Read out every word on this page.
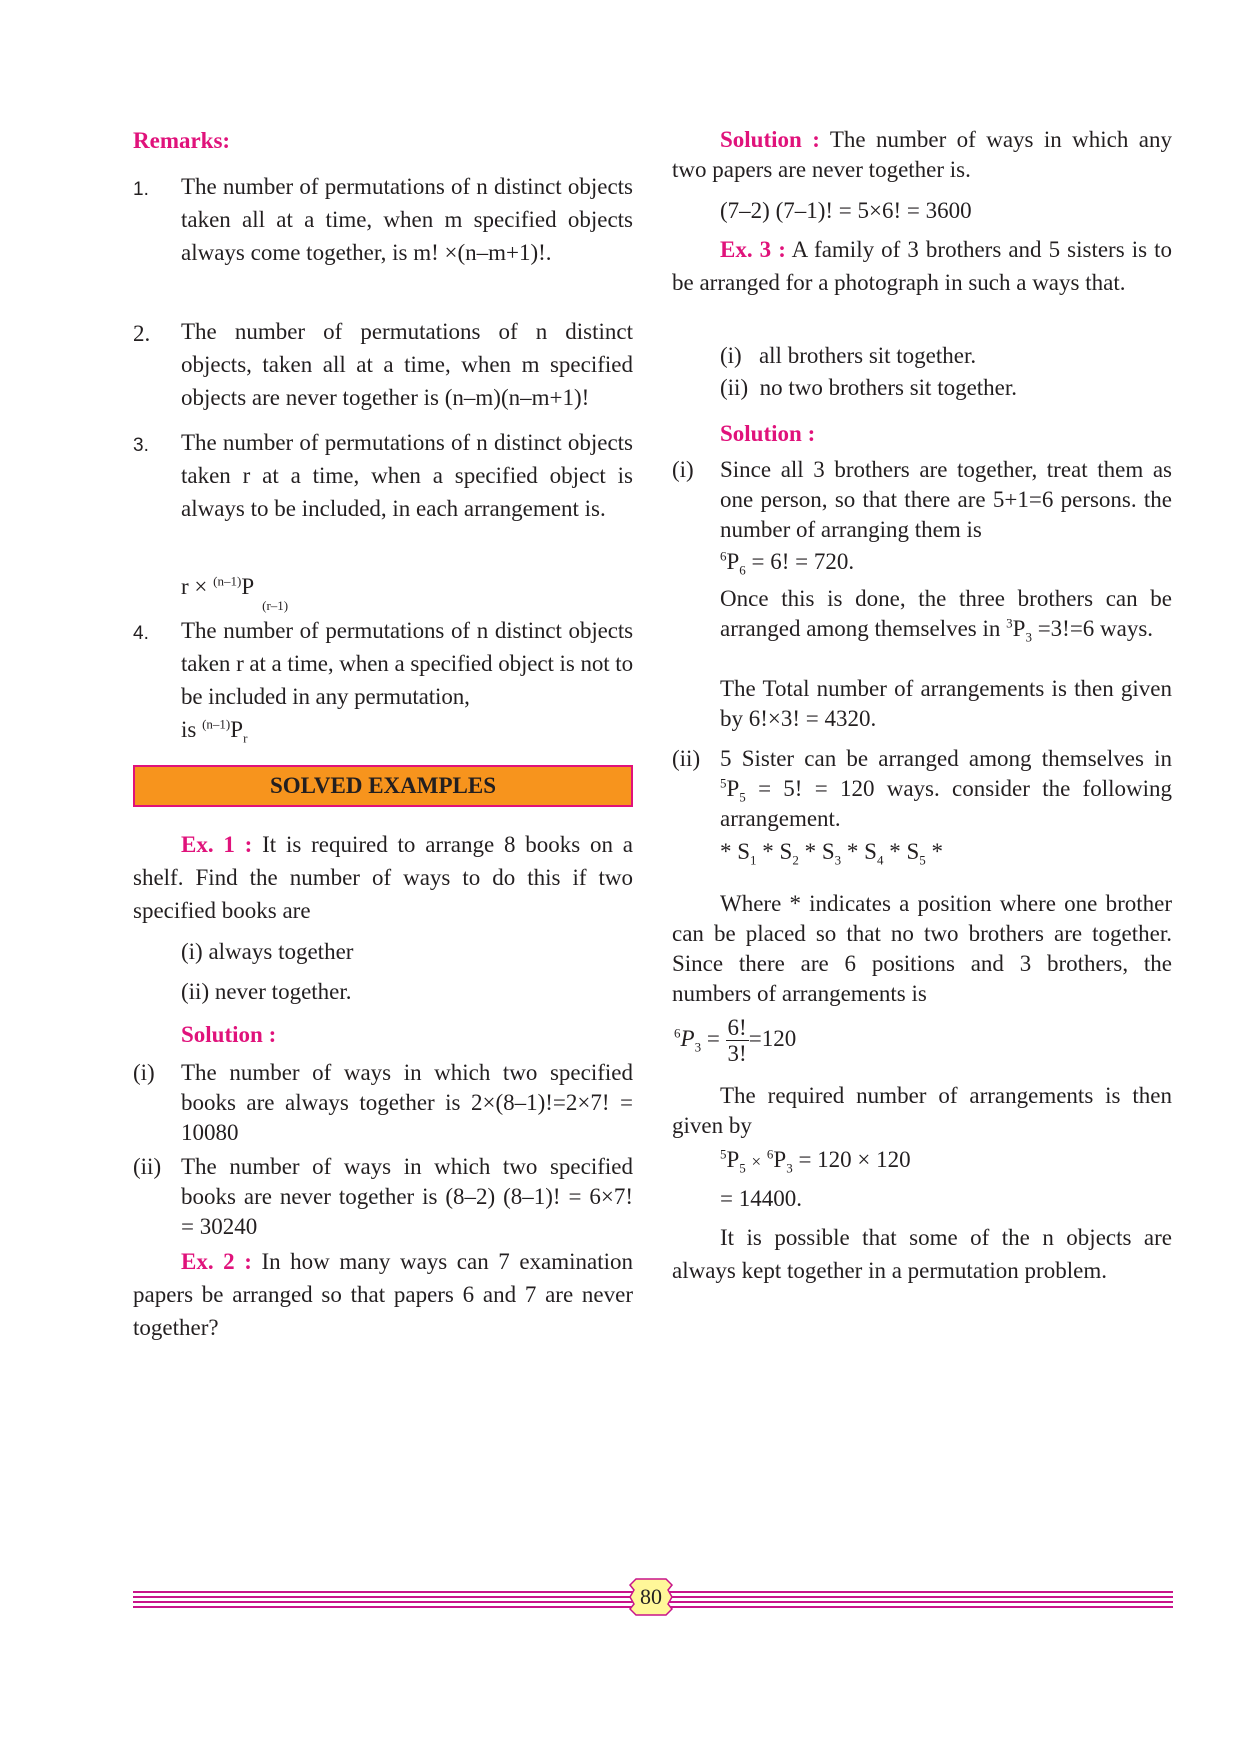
Remarks:
1.	The number of permutations of n distinct objects taken all at a time, when m specified objects always come together, is m! ×(n–m+1)!.
2.	The number of permutations of n distinct objects, taken all at a time, when m specified objects are never together is (n–m)(n–m+1)!
3.	The number of permutations of n distinct objects taken r at a time, when a specified object is always to be included, in each arrangement is.
$r \times ^{(n-1)}P_{(r-1)}$
4.	The number of permutations of n distinct objects taken r at a time, when a specified object is not to be included in any permutation,
is $^{(n-1)}P_r$
SOLVED EXAMPLES
Ex. 1 : It is required to arrange 8 books on a shelf. Find the number of ways to do this if two specified books are
(i) always together
(ii) never together.
Solution :
(i)	The number of ways in which two specified books are always together is 2×(8–1)!=2×7! = 10080
(ii) The number of ways in which two specified books are never together is (8–2) (8–1)! = 6×7! = 30240
Ex. 2 : In how many ways can 7 examination papers be arranged so that papers 6 and 7 are never together?
Solution : The number of ways in which any two papers are never together is.
(7–2) (7–1)! = 5×6! = 3600
Ex. 3 : A family of 3 brothers and 5 sisters is to be arranged for a photograph in such a ways that.
(i)   all brothers sit together.
(ii)  no two brothers sit together.
Solution :
(i)	Since all 3 brothers are together, treat them as one person, so that there are 5+1=6 persons. the number of arranging them is
$^6P_6 = 6$! = 720.
Once this is done, the three brothers can be arranged among themselves in $^3P_3 =3!=6$ ways.
The Total number of arrangements is then given by 6!×3! = 4320.
(ii) 5 Sister can be arranged among themselves in $^5P_5 = 5$! = 120 ways. consider the following arrangement.
* $S_1 * S_2 * S_3 * S_4 * S_5$ *
Where * indicates a position where one brother can be placed so that no two brothers are together. Since there are 6 positions and 3 brothers, the numbers of arrangements is
$^6P_3 = \frac{6!}{3!} =120$
The required number of arrangements is then given by
$^5P_5 \times ^6P_3 = 120 \times 120$
= 14400.
It is possible that some of the n objects are always kept together in a permutation problem.
80
